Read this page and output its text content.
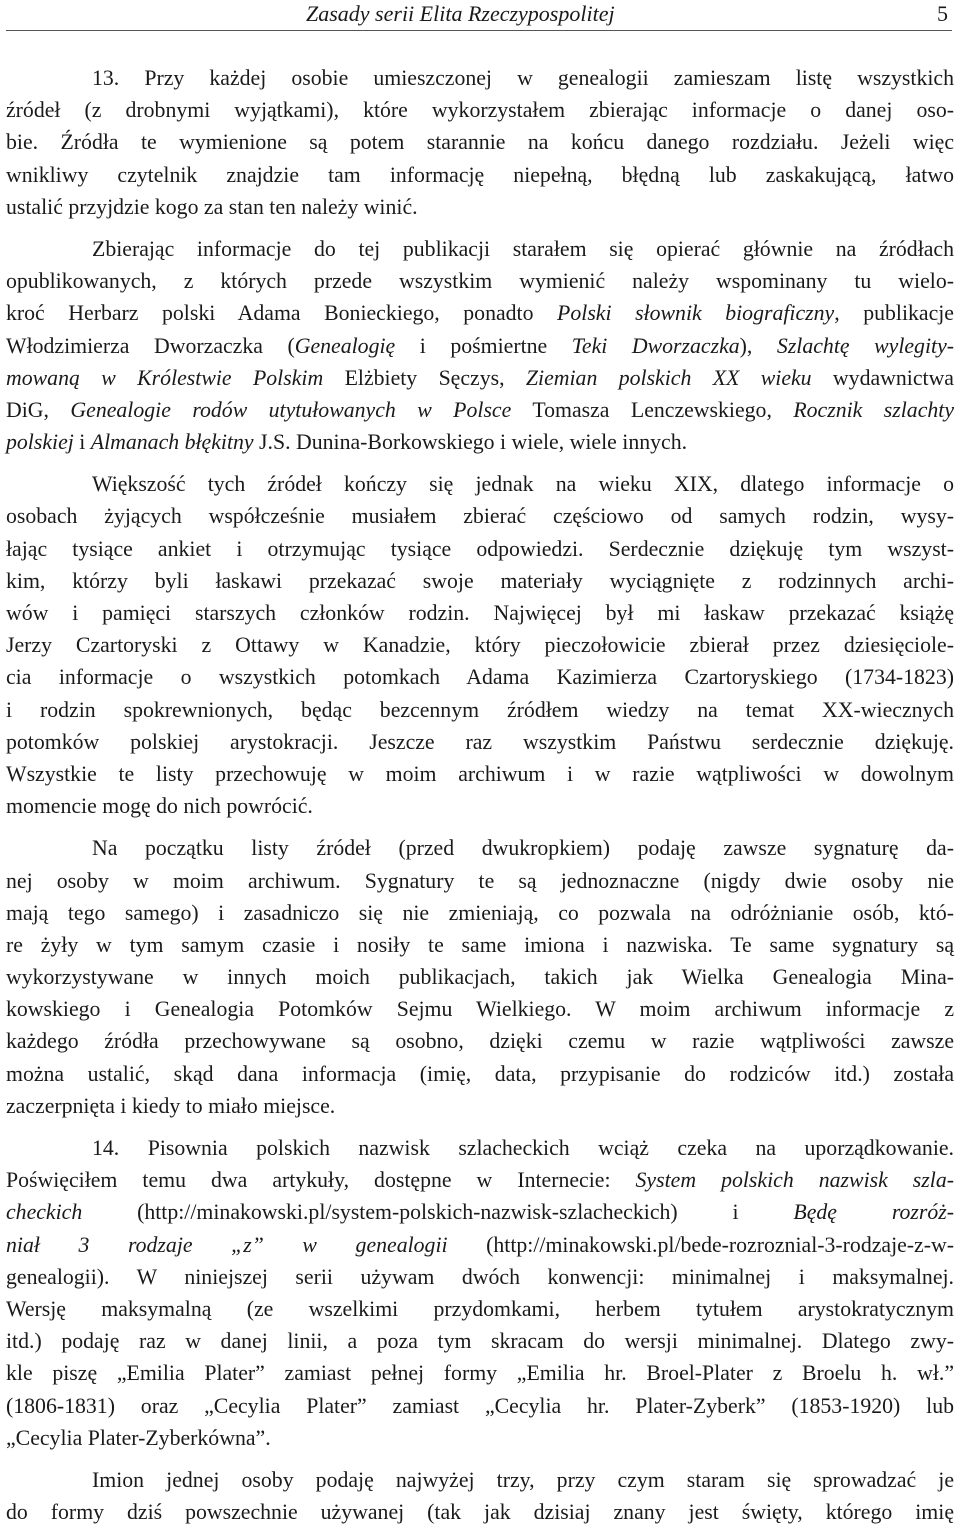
Zasady serii Elita Rzeczypospolitej	5
13. Przy każdej osobie umieszczonej w genealogii zamieszam listę wszystkich
źródeł (z drobnymi wyjątkami), które wykorzystałem zbierając informacje o danej oso-
bie. Źródła te wymienione są potem starannie na końcu danego rozdziału. Jeżeli więc
wnikliwy czytelnik znajdzie tam informację niepełną, błędną lub zaskakującą, łatwo
ustalić przyjdzie kogo za stan ten należy winić.
Zbierając informacje do tej publikacji starałem się opierać głównie na źródłach
opublikowanych, z których przede wszystkim wymienić należy wspominany tu wielo-
kroć Herbarz polski Adama Bonieckiego, ponadto Polski słownik biograficzny, publikacje
Włodzimierza Dworzaczka (Genealogię i pośmiertne Teki Dworzaczka), Szlachtę wylegity-
mowaną w Królestwie Polskim Elżbiety Sęczys, Ziemian polskich XX wieku wydawnictwa
DiG, Genealogie rodów utytułowanych w Polsce Tomasza Lenczewskiego, Rocznik szlachty
polskiej i Almanach błękitny J.S. Dunina-Borkowskiego i wiele, wiele innych.
Większość tych źródeł kończy się jednak na wieku XIX, dlatego informacje o
osobach żyjących współcześnie musiałem zbierać częściowo od samych rodzin, wysy-
łając tysiące ankiet i otrzymując tysiące odpowiedzi. Serdecznie dziękuję tym wszyst-
kim, którzy byli łaskawi przekazać swoje materiały wyciągnięte z rodzinnych archi-
wów i pamięci starszych członków rodzin. Najwięcej był mi łaskaw przekazać książę
Jerzy Czartoryski z Ottawy w Kanadzie, który pieczołowicie zbierał przez dziesięciole-
cia informacje o wszystkich potomkach Adama Kazimierza Czartoryskiego (1734-1823)
i rodzin spokrewnionych, będąc bezcennym źródłem wiedzy na temat XX-wiecznych
potomków polskiej arystokracji. Jeszcze raz wszystkim Państwu serdecznie dziękuję.
Wszystkie te listy przechowuję w moim archiwum i w razie wątpliwości w dowolnym
momencie mogę do nich powrócić.
Na początku listy źródeł (przed dwukropkiem) podaję zawsze sygnaturę da-
nej osoby w moim archiwum. Sygnatury te są jednoznaczne (nigdy dwie osoby nie
mają tego samego) i zasadniczo się nie zmieniają, co pozwala na odróżnianie osób, któ-
re żyły w tym samym czasie i nosiły te same imiona i nazwiska. Te same sygnatury są
wykorzystywane w innych moich publikacjach, takich jak Wielka Genealogia Mina-
kowskiego i Genealogia Potomków Sejmu Wielkiego. W moim archiwum informacje z
każdego źródła przechowywane są osobno, dzięki czemu w razie wątpliwości zawsze
można ustalić, skąd dana informacja (imię, data, przypisanie do rodziców itd.) została
zaczerpnięta i kiedy to miało miejsce.
14. Pisownia polskich nazwisk szlacheckich wciąż czeka na uporządkowanie.
Poświęciłem temu dwa artykuły, dostępne w Internecie: System polskich nazwisk szla-
checkich (http://minakowski.pl/system-polskich-nazwisk-szlacheckich) i Będę rozróż-
niał 3 rodzaje „z” w genealogii (http://minakowski.pl/bede-rozroznial-3-rodzaje-z-w-
genealogii). W niniejszej serii używam dwóch konwencji: minimalnej i maksymalnej.
Wersję maksymalną (ze wszelkimi przydomkami, herbem tytułem arystokratycznym
itd.) podaję raz w danej linii, a poza tym skracam do wersji minimalnej. Dlatego zwy-
kle piszę „Emilia Plater” zamiast pełnej formy „Emilia hr. Broel-Plater z Broelu h. wł.”
(1806-1831) oraz „Cecylia Plater” zamiast „Cecylia hr. Plater-Zyberk” (1853-1920) lub
„Cecylia Plater-Zyberkówna”.
Imion jednej osoby podaję najwyżej trzy, przy czym staram się sprowadzać je
do formy dziś powszechnie używanej (tak jak dzisiaj znany jest święty, którego imię
